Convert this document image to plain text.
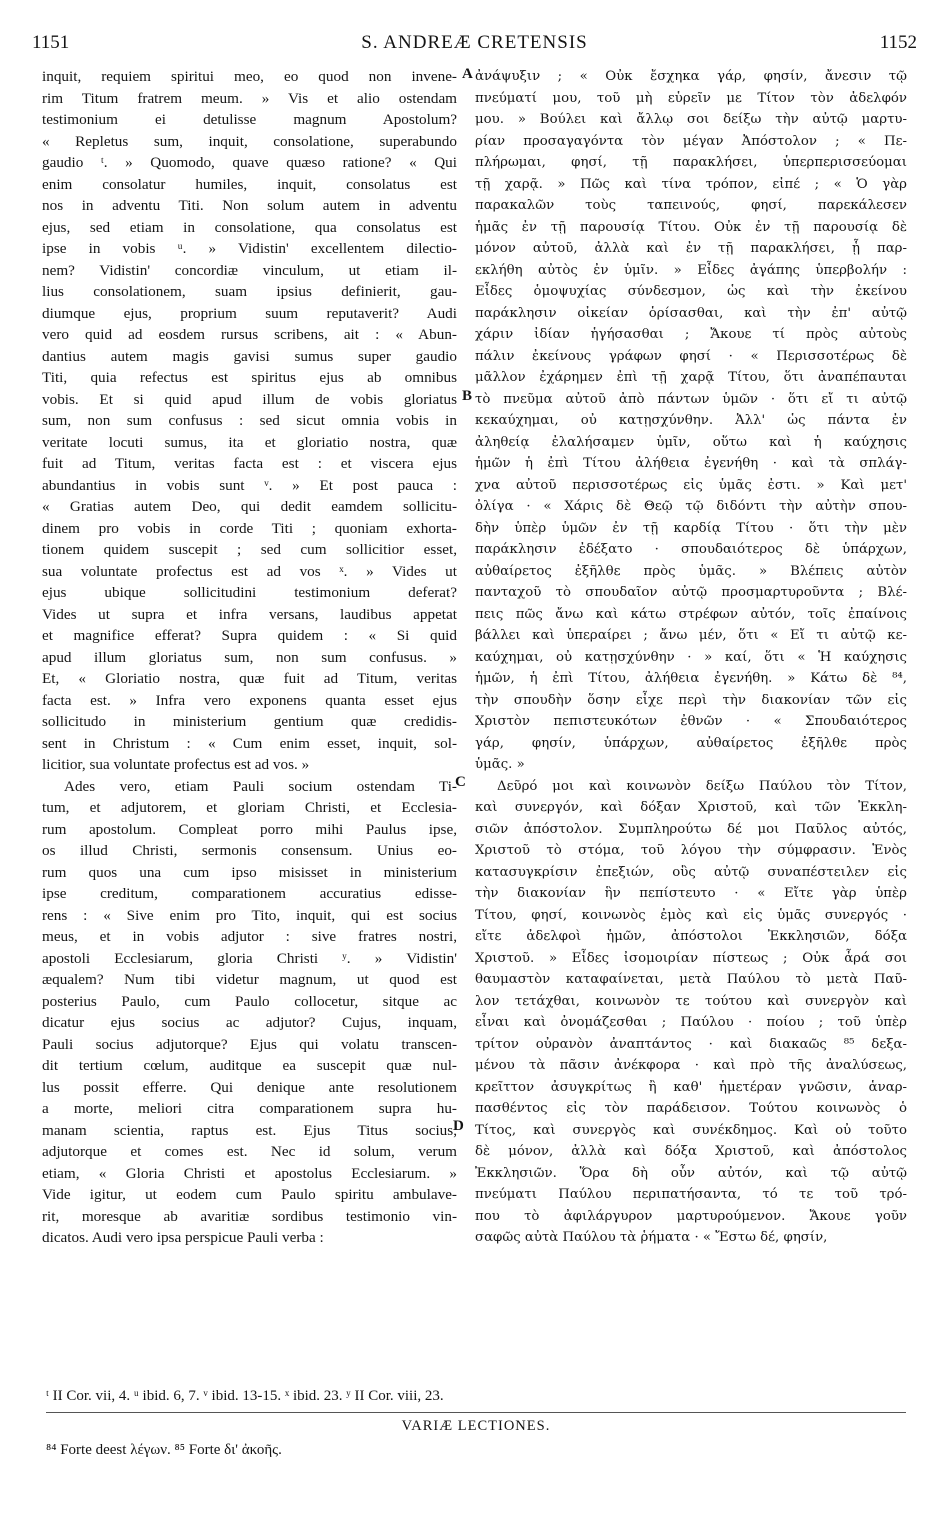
1151	S. ANDREÆ CRETENSIS	1152
inquit, requiem spiritui meo, eo quod non invene-
rim Titum fratrem meum. » Vis et alio ostendam
testimonium ei detulisse magnum Apostolum?
« Repletus sum, inquit, consolatione, superabundo
gaudio ᵗ. » Quomodo, quave quæso ratione? « Qui
enim consolatur humiles, inquit, consolatus est
nos in adventu Titi. Non solum autem in adventu
ejus, sed etiam in consolatione, qua consolatus est
ipse in vobis ᵘ. » Vidistin' excellentem dilectio-
nem? Vidistin' concordiæ vinculum, ut etiam il-
lius consolationem, suam ipsius definierit, gau-
diumque ejus, proprium suum reputaverit? Audi
vero quid ad eosdem rursus scribens, ait : « Abun-
dantius autem magis gavisi sumus super gaudio
Titi, quia refectus est spiritus ejus ab omnibus
vobis. Et si quid apud illum de vobis gloriatus
sum, non sum confusus : sed sicut omnia vobis in
veritate locuti sumus, ita et gloriatio nostra, quæ
fuit ad Titum, veritas facta est : et viscera ejus
abundantius in vobis sunt ᵛ. » Et post pauca :
« Gratias autem Deo, qui dedit eamdem sollicitu-
dinem pro vobis in corde Titi ; quoniam exhorta-
tionem quidem suscepit ; sed cum sollicitior esset,
sua voluntate profectus est ad vos ˣ. » Vides ut
ejus ubique sollicitudini testimonium deferat?
Vides ut supra et infra versans, laudibus appetat
et magnifice efferat? Supra quidem : « Si quid
apud illum gloriatus sum, non sum confusus. »
Et, « Gloriatio nostra, quæ fuit ad Titum, veritas
facta est. » Infra vero exponens quanta esset ejus
sollicitudo in ministerium gentium quæ credidis-
sent in Christum : « Cum enim esset, inquit, sol-
licitior, sua voluntate profectus est ad vos. »
Ades vero, etiam Pauli socium ostendam Ti-
tum, et adjutorem, et gloriam Christi, et Ecclesia-
rum apostolum. Compleat porro mihi Paulus ipse,
os illud Christi, sermonis consensum. Unius eo-
rum quos una cum ipso misisset in ministerium
ipse creditum, comparationem accuratius edisse-
rens : « Sive enim pro Tito, inquit, qui est socius
meus, et in vobis adjutor : sive fratres nostri,
apostoli Ecclesiarum, gloria Christi ʸ. » Vidistin'
æqualem? Num tibi videtur magnum, ut quod est
posterius Paulo, cum Paulo collocetur, sitque ac
dicatur ejus socius ac adjutor? Cujus, inquam,
Pauli socius adjutorque? Ejus qui volatu transcen-
dit tertium cœlum, auditque ea suscepit quæ nul-
lus possit efferre. Qui denique ante resolutionem
a morte, meliori citra comparationem supra hu-
manam scientia, raptus est. Ejus Titus socius,
adjutorque et comes est. Nec id solum, verum
etiam, « Gloria Christi et apostolus Ecclesiarum. »
Vide igitur, ut eodem cum Paulo spiritu ambulave-
rit, moresque ab avaritiæ sordibus testimonio vin-
dicatos. Audi vero ipsa perspicue Pauli verba :
A
B
C
D
ἀνάψυξιν ; « Οὐκ ἔσχηκα γάρ, φησίν, ἄνεσιν τῷ
πνεύματί μου, τοῦ μὴ εὑρεῖν με Τίτον τὸν ἀδελφόν
μου. » Βούλει καὶ ἄλλῳ σοι δείξω τὴν αὐτῷ μαρτυ-
ρίαν προσαγαγόντα τὸν μέγαν Ἀπόστολον ; « Πε-
πλήρωμαι, φησί, τῇ παρακλήσει, ὑπερπερισσεύομαι
τῇ χαρᾷ. » Πῶς καὶ τίνα τρόπον, εἰπέ ; « Ὁ γὰρ
παρακαλῶν τοὺς ταπεινούς, φησί, παρεκάλεσεν
ἡμᾶς ἐν τῇ παρουσίᾳ Τίτου. Οὐκ ἐν τῇ παρουσίᾳ δὲ
μόνον αὐτοῦ, ἀλλὰ καὶ ἐν τῇ παρακλήσει, ᾗ παρ-
εκλήθη αὐτὸς ἐν ὑμῖν. » Εἶδες ἀγάπης ὑπερβολήν :
Εἶδες ὁμοψυχίας σύνδεσμον, ὡς καὶ τὴν ἐκείνου
παράκλησιν οἰκείαν ὁρίσασθαι, καὶ τὴν ἐπ' αὐτῷ
χάριν ἰδίαν ἡγήσασθαι ; Ἄκουε τί πρὸς αὐτοὺς
πάλιν ἐκείνους γράφων φησί · « Περισσοτέρως δὲ
μᾶλλον ἐχάρημεν ἐπὶ τῇ χαρᾷ Τίτου, ὅτι ἀναπέπαυται
τὸ πνεῦμα αὐτοῦ ἀπὸ πάντων ὑμῶν · ὅτι εἴ τι αὐτῷ
κεκαύχημαι, οὐ κατῃσχύνθην. Ἀλλ' ὡς πάντα ἐν
ἀληθείᾳ ἐλαλήσαμεν ὑμῖν, οὕτω καὶ ἡ καύχησις
ἡμῶν ἡ ἐπὶ Τίτου ἀλήθεια ἐγενήθη · καὶ τὰ σπλάγ-
χνα αὐτοῦ περισσοτέρως εἰς ὑμᾶς ἐστι. » Καὶ μετ'
ὀλίγα · « Χάρις δὲ Θεῷ τῷ διδόντι τὴν αὐτὴν σπου-
δὴν ὑπὲρ ὑμῶν ἐν τῇ καρδίᾳ Τίτου · ὅτι τὴν μὲν
παράκλησιν ἐδέξατο · σπουδαιότερος δὲ ὑπάρχων,
αὐθαίρετος ἐξῆλθε πρὸς ὑμᾶς. » Βλέπεις αὐτὸν
πανταχοῦ τὸ σπουδαῖον αὐτῷ προσμαρτυροῦντα ; Βλέ-
πεις πῶς ἄνω καὶ κάτω στρέφων αὐτόν, τοῖς ἐπαίνοις
βάλλει καὶ ὑπεραίρει ; ἄνω μέν, ὅτι « Εἴ τι αὐτῷ κε-
καύχημαι, οὐ κατῃσχύνθην · » καί, ὅτι « Ἡ καύχησις
ἡμῶν, ἡ ἐπὶ Τίτου, ἀλήθεια ἐγενήθη. » Κάτω δὲ ⁸⁴,
τὴν σπουδὴν ὅσην εἶχε περὶ τὴν διακονίαν τῶν εἰς
Χριστὸν πεπιστευκότων ἐθνῶν · « Σπουδαιότερος
γάρ, φησίν, ὑπάρχων, αὐθαίρετος ἐξῆλθε πρὸς
ὑμᾶς. »
Δεῦρό μοι καὶ κοινωνὸν δείξω Παύλου τὸν Τίτον,
καὶ συνεργόν, καὶ δόξαν Χριστοῦ, καὶ τῶν Ἐκκλη-
σιῶν ἀπόστολον. Συμπληρούτω δέ μοι Παῦλος αὐτός,
Χριστοῦ τὸ στόμα, τοῦ λόγου τὴν σύμφρασιν. Ἑνὸς
κατασυγκρίσιν ἐπεξιών, οὓς αὐτῷ συναπέστειλεν εἰς
τὴν διακονίαν ἣν πεπίστευτο · « Εἴτε γὰρ ὑπὲρ
Τίτου, φησί, κοινωνὸς ἐμὸς καὶ εἰς ὑμᾶς συνεργός ·
εἴτε ἀδελφοὶ ἡμῶν, ἀπόστολοι Ἐκκλησιῶν, δόξα
Χριστοῦ. » Εἶδες ἰσομοιρίαν πίστεως ; Οὐκ ἆρά σοι
θαυμαστὸν καταφαίνεται, μετὰ Παύλου τὸ μετὰ Παῦ-
λον τετάχθαι, κοινωνὸν τε τούτου καὶ συνεργὸν καὶ
εἶναι καὶ ὀνομάζεσθαι ; Παύλου · ποίου ; τοῦ ὑπὲρ
τρίτον οὐρανὸν ἀναπτάντος · καὶ διακαῶς ⁸⁵ δεξα-
μένου τὰ πᾶσιν ἀνέκφορα · καὶ πρὸ τῆς ἀναλύσεως,
κρεῖττον ἀσυγκρίτως ἢ καθ' ἡμετέραν γνῶσιν, ἁναρ-
πασθέντος εἰς τὸν παράδεισον. Τούτου κοινωνὸς ὁ
Τίτος, καὶ συνεργὸς καὶ συνέκδημος. Καὶ οὐ τοῦτο
δὲ μόνον, ἀλλὰ καὶ δόξα Χριστοῦ, καὶ ἀπόστολος
Ἐκκλησιῶν. Ὅρα δὴ οὖν αὐτόν, καὶ τῷ αὐτῷ
πνεύματι Παύλου περιπατήσαντα, τό τε τοῦ τρό-
που τὸ ἀφιλάργυρον μαρτυρούμενον. Ἄκουε γοῦν
σαφῶς αὐτὰ Παύλου τὰ ῥήματα · « Ἔστω δέ, φησίν,
ᵗ II Cor. vii, 4. ᵘ ibid. 6, 7. ᵛ ibid. 13-15. ˣ ibid. 23. ʸ II Cor. viii, 23.
VARIÆ LECTIONES.
⁸⁴ Forte deest λέγων. ⁸⁵ Forte δι' ἀκοῆς.
